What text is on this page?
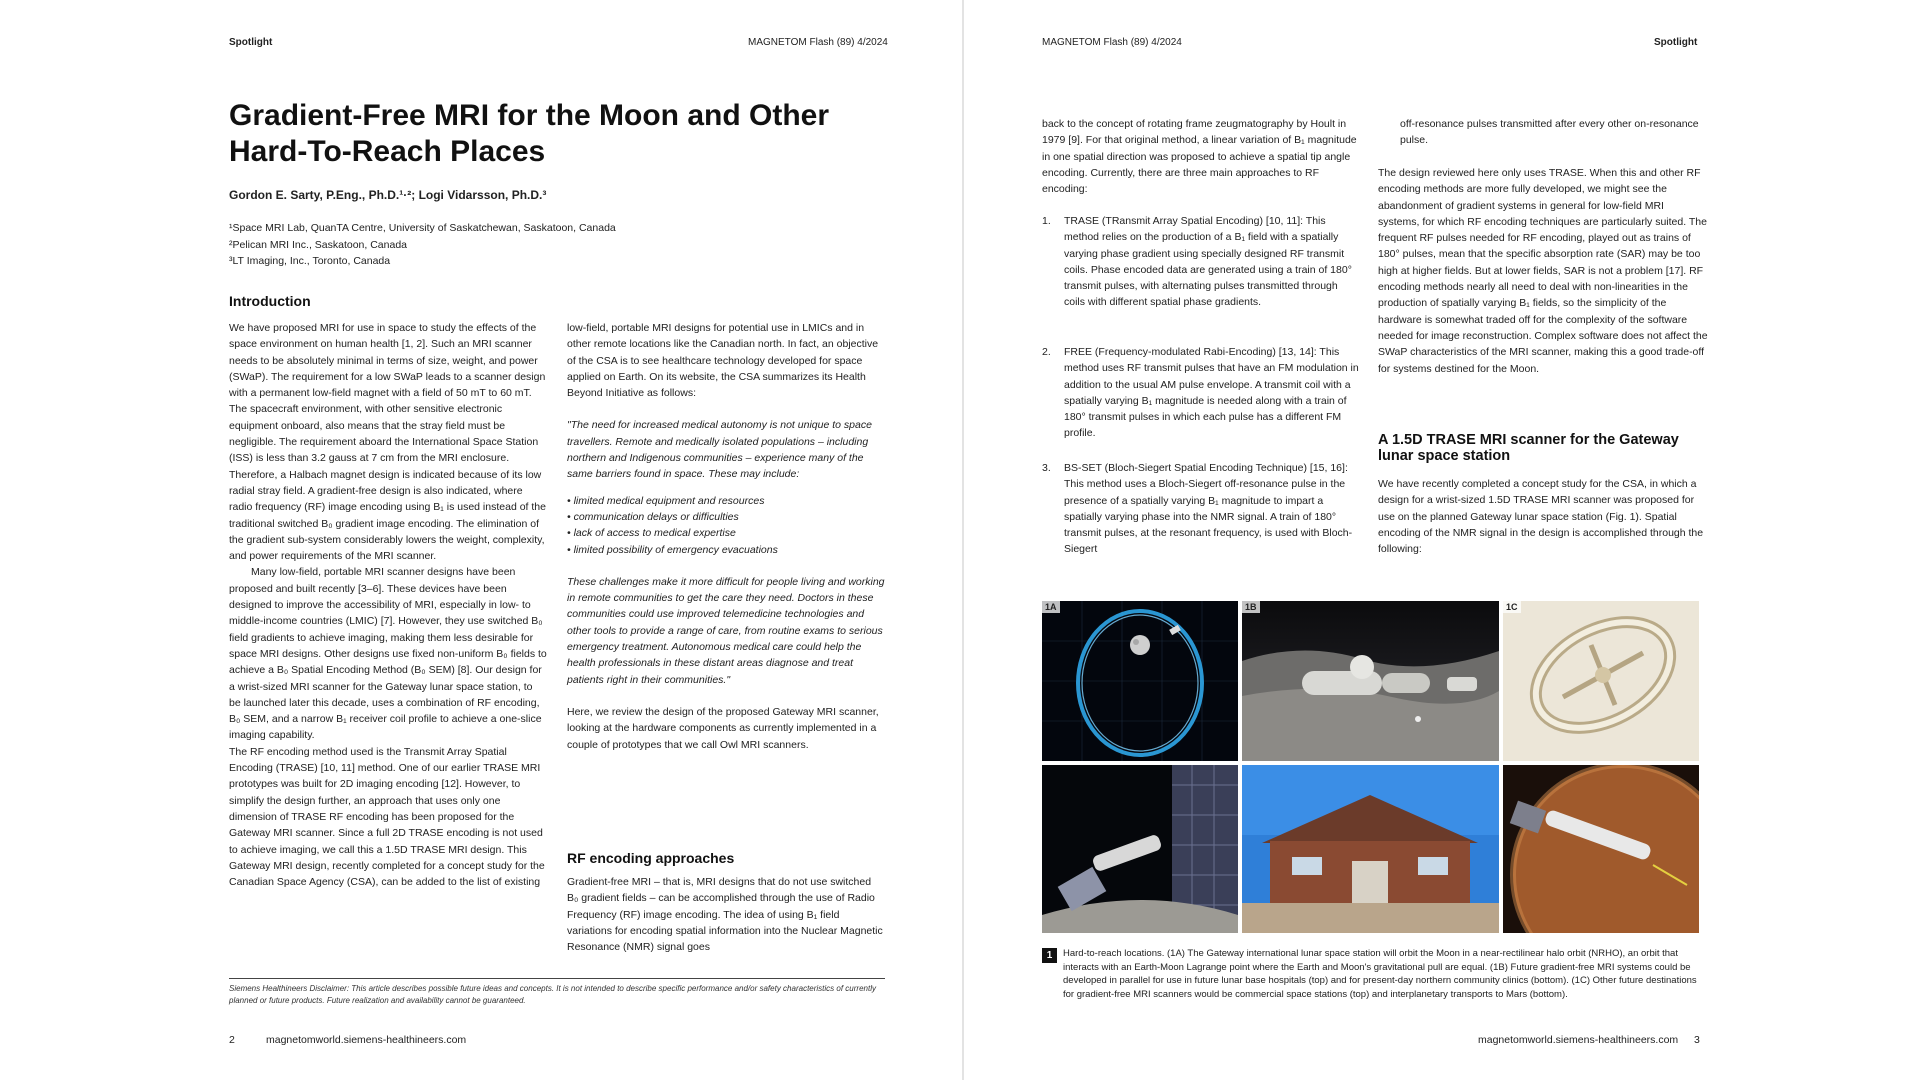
Spotlight	MAGNETOM Flash (89) 4/2024
Gradient-Free MRI for the Moon and Other Hard-To-Reach Places
Gordon E. Sarty, P.Eng., Ph.D.¹·²; Logi Vidarsson, Ph.D.³
¹Space MRI Lab, QuanTA Centre, University of Saskatchewan, Saskatoon, Canada
²Pelican MRI Inc., Saskatoon, Canada
³LT Imaging, Inc., Toronto, Canada
Introduction

We have proposed MRI for use in space to study the effects of the space environment on human health [1, 2]. Such an MRI scanner needs to be absolutely minimal in terms of size, weight, and power (SWaP). The requirement for a low SWaP leads to a scanner design with a permanent low-field magnet with a field of 50 mT to 60 mT. The spacecraft environment, with other sensitive electronic equipment onboard, also means that the stray field must be negligible. The requirement aboard the International Space Station (ISS) is less than 3.2 gauss at 7 cm from the MRI enclosure. Therefore, a Halbach magnet design is indicated because of its low radial stray field. A gradient-free design is also indicated, where radio frequency (RF) image encoding using B₁ is used instead of the traditional switched B₀ gradient image encoding. The elimination of the gradient sub-system considerably lowers the weight, complexity, and power requirements of the MRI scanner.

Many low-field, portable MRI scanner designs have been proposed and built recently [3–6]. These devices have been designed to improve the accessibility of MRI, especially in low- to middle-income countries (LMIC) [7]. However, they use switched B₀ field gradients to achieve imaging, making them less desirable for space MRI designs. Other designs use fixed non-uniform B₀ fields to achieve a B₀ Spatial Encoding Method (B₀ SEM) [8]. Our design for a wrist-sized MRI scanner for the Gateway lunar space station, to be launched later this decade, uses a combination of RF encoding, B₀ SEM, and a narrow B₁ receiver coil profile to achieve a one-slice imaging capability.

The RF encoding method used is the Transmit Array Spatial Encoding (TRASE) [10, 11] method. One of our earlier TRASE MRI prototypes was built for 2D imaging encoding [12]. However, to simplify the design further, an approach that uses only one dimension of TRASE RF encoding has been proposed for the Gateway MRI scanner. Since a full 2D TRASE encoding is not used to achieve imaging, we call this a 1.5D TRASE MRI design. This Gateway MRI design, recently completed for a concept study for the Canadian Space Agency (CSA), can be added to the list of existing

low-field, portable MRI designs for potential use in LMICs and in other remote locations like the Canadian north. In fact, an objective of the CSA is to see healthcare technology developed for space applied on Earth. On its website, the CSA summarizes its Health Beyond Initiative as follows:

"The need for increased medical autonomy is not unique to space travellers. Remote and medically isolated populations – including northern and Indigenous communities – experience many of the same barriers found in space. These may include:

• limited medical equipment and resources
• communication delays or difficulties
• lack of access to medical expertise
• limited possibility of emergency evacuations

These challenges make it more difficult for people living and working in remote communities to get the care they need. Doctors in these communities could use improved telemedicine technologies and other tools to provide a range of care, from routine exams to serious emergency treatment. Autonomous medical care could help the health professionals in these distant areas diagnose and treat patients right in their communities."

Here, we review the design of the proposed Gateway MRI scanner, looking at the hardware components as currently implemented in a couple of prototypes that we call Owl MRI scanners.

RF encoding approaches
Gradient-free MRI – that is, MRI designs that do not use switched B₀ gradient fields – can be accomplished through the use of Radio Frequency (RF) image encoding. The idea of using B₁ field variations for encoding spatial information into the Nuclear Magnetic Resonance (NMR) signal goes
Siemens Healthineers Disclaimer: This article describes possible future ideas and concepts. It is not intended to describe specific performance and/or safety characteristics of currently planned or future products. Future realization and availability cannot be guaranteed.
2	magnetomworld.siemens-healthineers.com
MAGNETOM Flash (89) 4/2024	Spotlight

back to the concept of rotating frame zeugmatography by Hoult in 1979 [9]. For that original method, a linear variation of B₁ magnitude in one spatial direction was proposed to achieve a spatial tip angle encoding. Currently, there are three main approaches to RF encoding:

1. TRASE (TRansmit Array Spatial Encoding) [10, 11]: This method relies on the production of a B₁ field with a spatially varying phase gradient using specially designed RF transmit coils. Phase encoded data are generated using a train of 180° transmit pulses, with alternating pulses transmitted through coils with different spatial phase gradients.
2. FREE (Frequency-modulated Rabi-Encoding) [13, 14]: This method uses RF transmit pulses that have an FM modulation in addition to the usual AM pulse envelope. A transmit coil with a spatially varying B₁ magnitude is needed along with a train of 180° transmit pulses in which each pulse has a different FM profile.
3. BS-SET (Bloch-Siegert Spatial Encoding Technique) [15, 16]: This method uses a Bloch-Siegert off-resonance pulse in the presence of a spatially varying B₁ magnitude to impart a spatially varying phase into the NMR signal. A train of 180° transmit pulses, at the resonant frequency, is used with Bloch-Siegert

off-resonance pulses transmitted after every other on-resonance pulse.

The design reviewed here only uses TRASE. When this and other RF encoding methods are more fully developed, we might see the abandonment of gradient systems in general for low-field MRI systems, for which RF encoding techniques are particularly suited. The frequent RF pulses needed for RF encoding, played out as trains of 180° pulses, mean that the specific absorption rate (SAR) may be too high at higher fields. But at lower fields, SAR is not a problem [17]. RF encoding methods nearly all need to deal with non-linearities in the production of spatially varying B₁ fields, so the simplicity of the hardware is somewhat traded off for the complexity of the software needed for image reconstruction. Complex software does not affect the SWaP characteristics of the MRI scanner, making this a good trade-off for systems destined for the Moon.

A 1.5D TRASE MRI scanner for the Gateway lunar space station
We have recently completed a concept study for the CSA, in which a design for a wrist-sized 1.5D TRASE MRI scanner was proposed for use on the planned Gateway lunar space station (Fig. 1). Spatial encoding of the NMR signal in the design is accomplished through the following:
1A	1B	1C
1	Hard-to-reach locations. (1A) The Gateway international lunar space station will orbit the Moon in a near-rectilinear halo orbit (NRHO), an orbit that interacts with an Earth-Moon Lagrange point where the Earth and Moon's gravitational pull are equal. (1B) Future gradient-free MRI systems could be developed in parallel for use in future lunar base hospitals (top) and for present-day northern community clinics (bottom). (1C) Other future destinations for gradient-free MRI scanners would be commercial space stations (top) and interplanetary transports to Mars (bottom).
magnetomworld.siemens-healthineers.com 3
